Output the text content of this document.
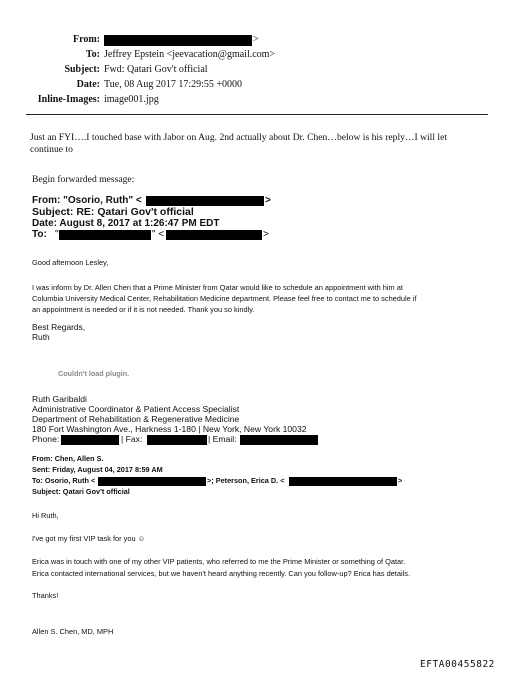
From:	>
To: Jeffrey Epstein <jeevacation@gmail.com>
Subject: Fwd: Qatari Gov't official
Date: Tue, 08 Aug 2017 17:29:55 +0000
Inline-Images: image001.jpg
Just an FYI….I touched base with Jabor on Aug. 2nd actually about Dr. Chen…below is his reply…I will let
continue to
Begin forwarded message:
From: "Osorio, Ruth" <	>
Subject: RE: Qatari Gov't official
Date: August 8, 2017 at 1:26:47 PM EDT
To: "	" <	>
Good afternoon Lesley,
I was inform by Dr. Allen Chen that a Prime Minister from Qatar would like to schedule an appointment with him at
Columbia University Medical Center, Rehabilitation Medicine department. Please feel free to contact me to schedule if
an appointment is needed or if it is not needed. Thank you so kindly.
Best Regards,
Ruth
Couldn't load plugin.
Ruth Garibaldi
Administrative Coordinator & Patient Access Specialist
Department of Rehabilitation & Regenerative Medicine
180 Fort Washington Ave., Harkness 1-180 | New York, New York 10032
Phone:	| Fax:	| Email:
From: Chen, Allen S.
Sent: Friday, August 04, 2017 8:59 AM
To: Osorio, Ruth <	>; Peterson, Erica D. <	>
Subject: Qatari Gov't official
Hi Ruth,
I've got my first VIP task for you ☺
Erica was in touch with one of my other VIP patients, who referred to me the Prime Minister or something of Qatar.
Erica contacted international services, but we haven't heard anything recently. Can you follow-up? Erica has details.
Thanks!
Allen S. Chen, MD, MPH
EFTA00455822
